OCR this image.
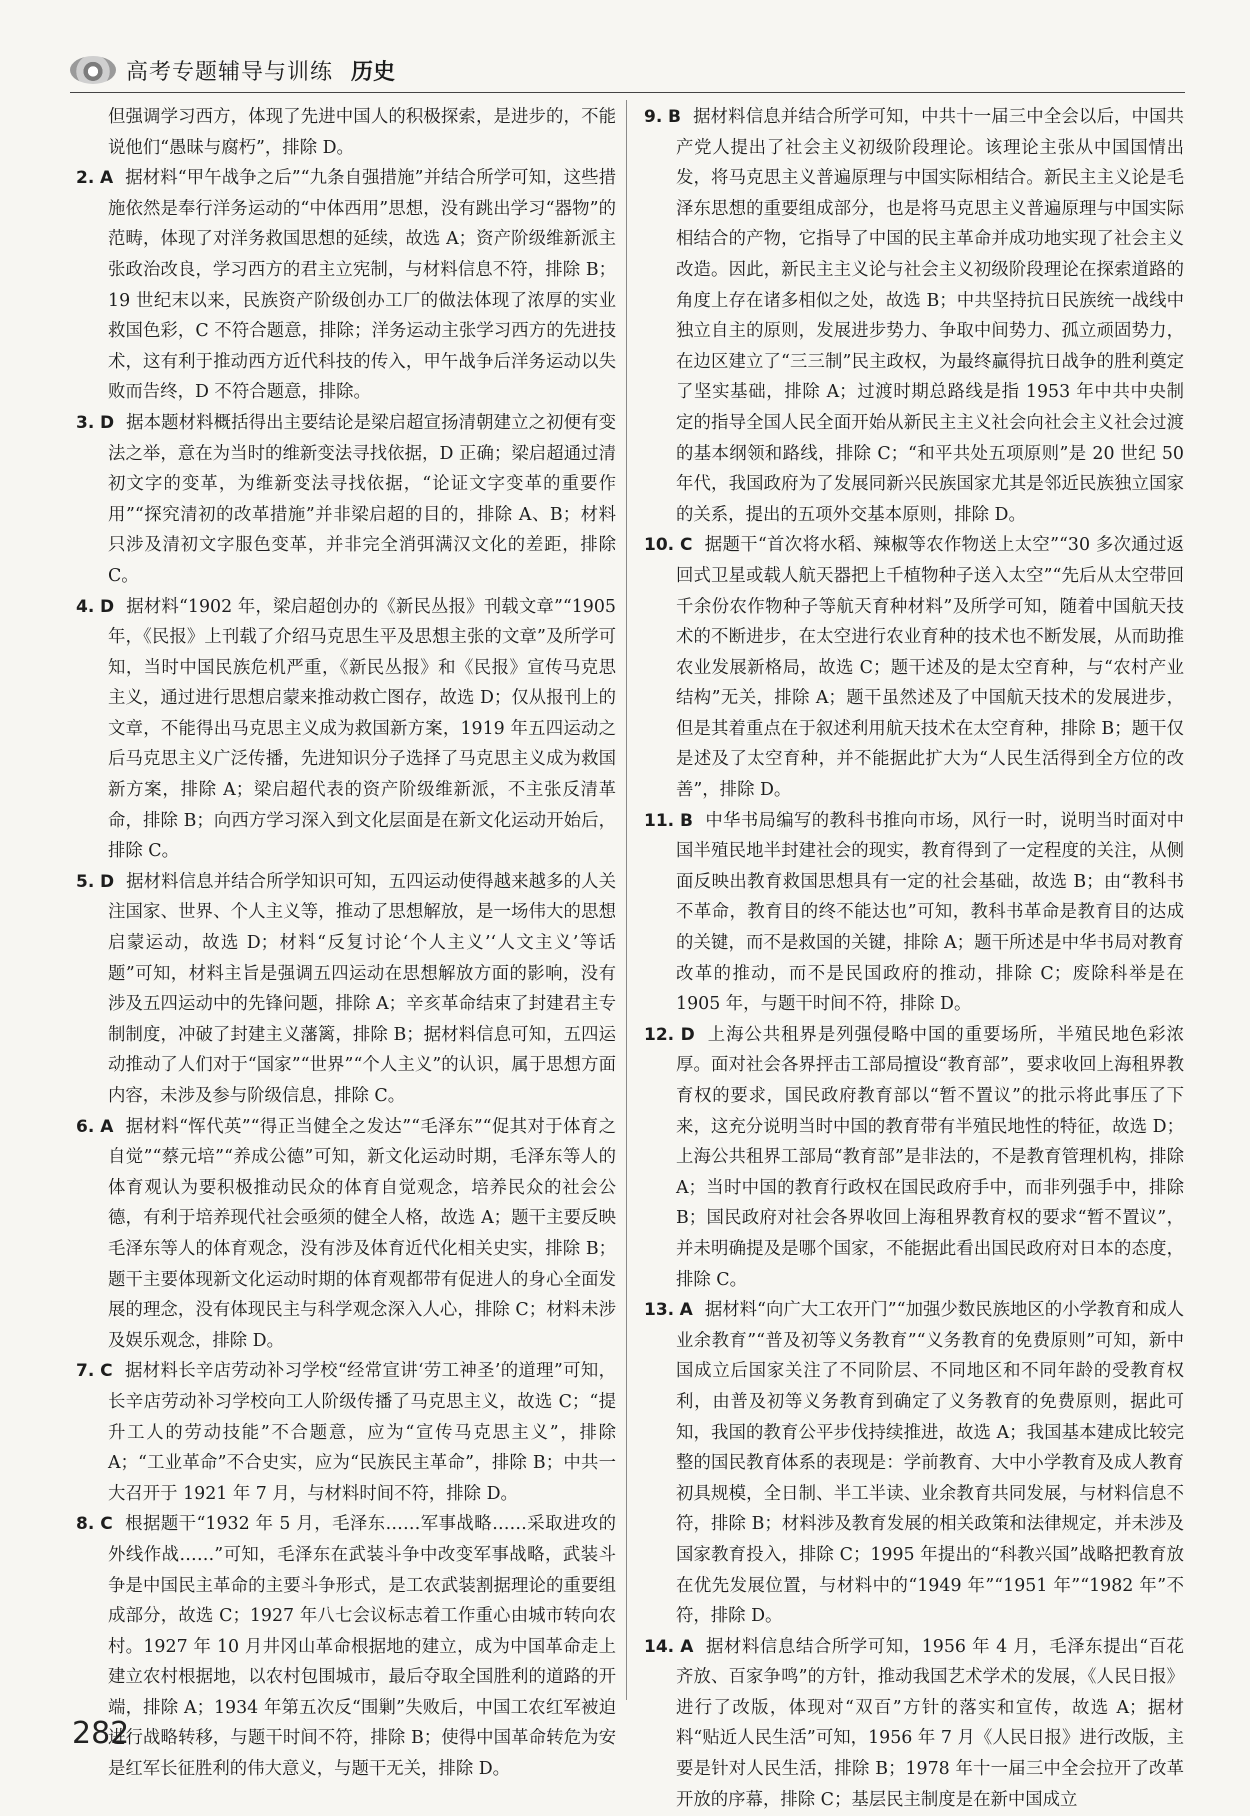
高考专题辅导与训练 历史

但强调学习西方，体现了先进中国人的积极探索，是进步的，不能说他们“愚昧与腐朽”，排除 D。

2. A 据材料“甲午战争之后”“九条自强措施”并结合所学可知，这些措施依然是奉行洋务运动的“中体西用”思想，没有跳出学习“器物”的范畴，体现了对洋务救国思想的延续，故选 A；资产阶级维新派主张政治改良，学习西方的君主立宪制，与材料信息不符，排除 B；19 世纪末以来，民族资产阶级创办工厂的做法体现了浓厚的实业救国色彩，C 不符合题意，排除；洋务运动主张学习西方的先进技术，这有利于推动西方近代科技的传入，甲午战争后洋务运动以失败而告终，D 不符合题意，排除。

3. D 据本题材料概括得出主要结论是梁启超宣扬清朝建立之初便有变法之举，意在为当时的维新变法寻找依据，D 正确；梁启超通过清初文字的变革，为维新变法寻找依据，“论证文字变革的重要作用”“探究清初的改革措施”并非梁启超的目的，排除 A、B；材料只涉及清初文字服色变革，并非完全消弭满汉文化的差距，排除 C。

4. D 据材料“1902 年，梁启超创办的《新民丛报》刊载文章”“1905 年，《民报》上刊载了介绍马克思生平及思想主张的文章”及所学可知，当时中国民族危机严重，《新民丛报》和《民报》宣传马克思主义，通过进行思想启蒙来推动救亡图存，故选 D；仅从报刊上的文章，不能得出马克思主义成为救国新方案，1919 年五四运动之后马克思主义广泛传播，先进知识分子选择了马克思主义成为救国新方案，排除 A；梁启超代表的资产阶级维新派，不主张反清革命，排除 B；向西方学习深入到文化层面是在新文化运动开始后，排除 C。

5. D 据材料信息并结合所学知识可知，五四运动使得越来越多的人关注国家、世界、个人主义等，推动了思想解放，是一场伟大的思想启蒙运动，故选 D；材料“反复讨论‘个人主义’‘人文主义’等话题”可知，材料主旨是强调五四运动在思想解放方面的影响，没有涉及五四运动中的先锋问题，排除 A；辛亥革命结束了封建君主专制制度，冲破了封建主义藩篱，排除 B；据材料信息可知，五四运动推动了人们对于“国家”“世界”“个人主义”的认识，属于思想方面内容，未涉及参与阶级信息，排除 C。

6. A 据材料“恽代英”“得正当健全之发达”“毛泽东”“促其对于体育之自觉”“蔡元培”“养成公德”可知，新文化运动时期，毛泽东等人的体育观认为要积极推动民众的体育自觉观念，培养民众的社会公德，有利于培养现代社会亟须的健全人格，故选 A；题干主要反映毛泽东等人的体育观念，没有涉及体育近代化相关史实，排除 B；题干主要体现新文化运动时期的体育观都带有促进人的身心全面发展的理念，没有体现民主与科学观念深入人心，排除 C；材料未涉及娱乐观念，排除 D。

7. C 据材料长辛店劳动补习学校“经常宣讲‘劳工神圣’的道理”可知，长辛店劳动补习学校向工人阶级传播了马克思主义，故选 C；“提升工人的劳动技能”不合题意，应为“宣传马克思主义”，排除 A；“工业革命”不合史实，应为“民族民主革命”，排除 B；中共一大召开于 1921 年 7 月，与材料时间不符，排除 D。

8. C 根据题干“1932 年 5 月，毛泽东……军事战略……采取进攻的外线作战……”可知，毛泽东在武装斗争中改变军事战略，武装斗争是中国民主革命的主要斗争形式，是工农武装割据理论的重要组成部分，故选 C；1927 年八七会议标志着工作重心由城市转向农村。1927 年 10 月井冈山革命根据地的建立，成为中国革命走上建立农村根据地，以农村包围城市，最后夺取全国胜利的道路的开端，排除 A；1934 年第五次反“围剿”失败后，中国工农红军被迫进行战略转移，与题干时间不符，排除 B；使得中国革命转危为安是红军长征胜利的伟大意义，与题干无关，排除 D。

9. B 据材料信息并结合所学可知，中共十一届三中全会以后，中国共产党人提出了社会主义初级阶段理论。该理论主张从中国国情出发，将马克思主义普遍原理与中国实际相结合。新民主主义论是毛泽东思想的重要组成部分，也是将马克思主义普遍原理与中国实际相结合的产物，它指导了中国的民主革命并成功地实现了社会主义改造。因此，新民主主义论与社会主义初级阶段理论在探索道路的角度上存在诸多相似之处，故选 B；中共坚持抗日民族统一战线中独立自主的原则，发展进步势力、争取中间势力、孤立顽固势力，在边区建立了“三三制”民主政权，为最终赢得抗日战争的胜利奠定了坚实基础，排除 A；过渡时期总路线是指 1953 年中共中央制定的指导全国人民全面开始从新民主主义社会向社会主义社会过渡的基本纲领和路线，排除 C；“和平共处五项原则”是 20 世纪 50 年代，我国政府为了发展同新兴民族国家尤其是邻近民族独立国家的关系，提出的五项外交基本原则，排除 D。

10. C 据题干“首次将水稻、辣椒等农作物送上太空”“30 多次通过返回式卫星或载人航天器把上千植物种子送入太空”“先后从太空带回千余份农作物种子等航天育种材料”及所学可知，随着中国航天技术的不断进步，在太空进行农业育种的技术也不断发展，从而助推农业发展新格局，故选 C；题干述及的是太空育种，与“农村产业结构”无关，排除 A；题干虽然述及了中国航天技术的发展进步，但是其着重点在于叙述利用航天技术在太空育种，排除 B；题干仅是述及了太空育种，并不能据此扩大为“人民生活得到全方位的改善”，排除 D。

11. B 中华书局编写的教科书推向市场，风行一时，说明当时面对中国半殖民地半封建社会的现实，教育得到了一定程度的关注，从侧面反映出教育救国思想具有一定的社会基础，故选 B；由“教科书不革命，教育目的终不能达也”可知，教科书革命是教育目的达成的关键，而不是救国的关键，排除 A；题干所述是中华书局对教育改革的推动，而不是民国政府的推动，排除 C；废除科举是在 1905 年，与题干时间不符，排除 D。

12. D 上海公共租界是列强侵略中国的重要场所，半殖民地色彩浓厚。面对社会各界抨击工部局擅设“教育部”，要求收回上海租界教育权的要求，国民政府教育部以“暂不置议”的批示将此事压了下来，这充分说明当时中国的教育带有半殖民地性的特征，故选 D；上海公共租界工部局“教育部”是非法的，不是教育管理机构，排除 A；当时中国的教育行政权在国民政府手中，而非列强手中，排除 B；国民政府对社会各界收回上海租界教育权的要求“暂不置议”，并未明确提及是哪个国家，不能据此看出国民政府对日本的态度，排除 C。

13. A 据材料“向广大工农开门”“加强少数民族地区的小学教育和成人业余教育”“普及初等义务教育”“义务教育的免费原则”可知，新中国成立后国家关注了不同阶层、不同地区和不同年龄的受教育权利，由普及初等义务教育到确定了义务教育的免费原则，据此可知，我国的教育公平步伐持续推进，故选 A；我国基本建成比较完整的国民教育体系的表现是：学前教育、大中小学教育及成人教育初具规模，全日制、半工半读、业余教育共同发展，与材料信息不符，排除 B；材料涉及教育发展的相关政策和法律规定，并未涉及国家教育投入，排除 C；1995 年提出的“科教兴国”战略把教育放在优先发展位置，与材料中的“1949 年”“1951 年”“1982 年”不符，排除 D。

14. A 据材料信息结合所学可知，1956 年 4 月，毛泽东提出“百花齐放、百家争鸣”的方针，推动我国艺术学术的发展，《人民日报》进行了改版，体现对“双百”方针的落实和宣传，故选 A；据材料“贴近人民生活”可知，1956 年 7 月《人民日报》进行改版，主要是针对人民生活，排除 B；1978 年十一届三中全会拉开了改革开放的序幕，排除 C；基层民主制度是在新中国成立

282
